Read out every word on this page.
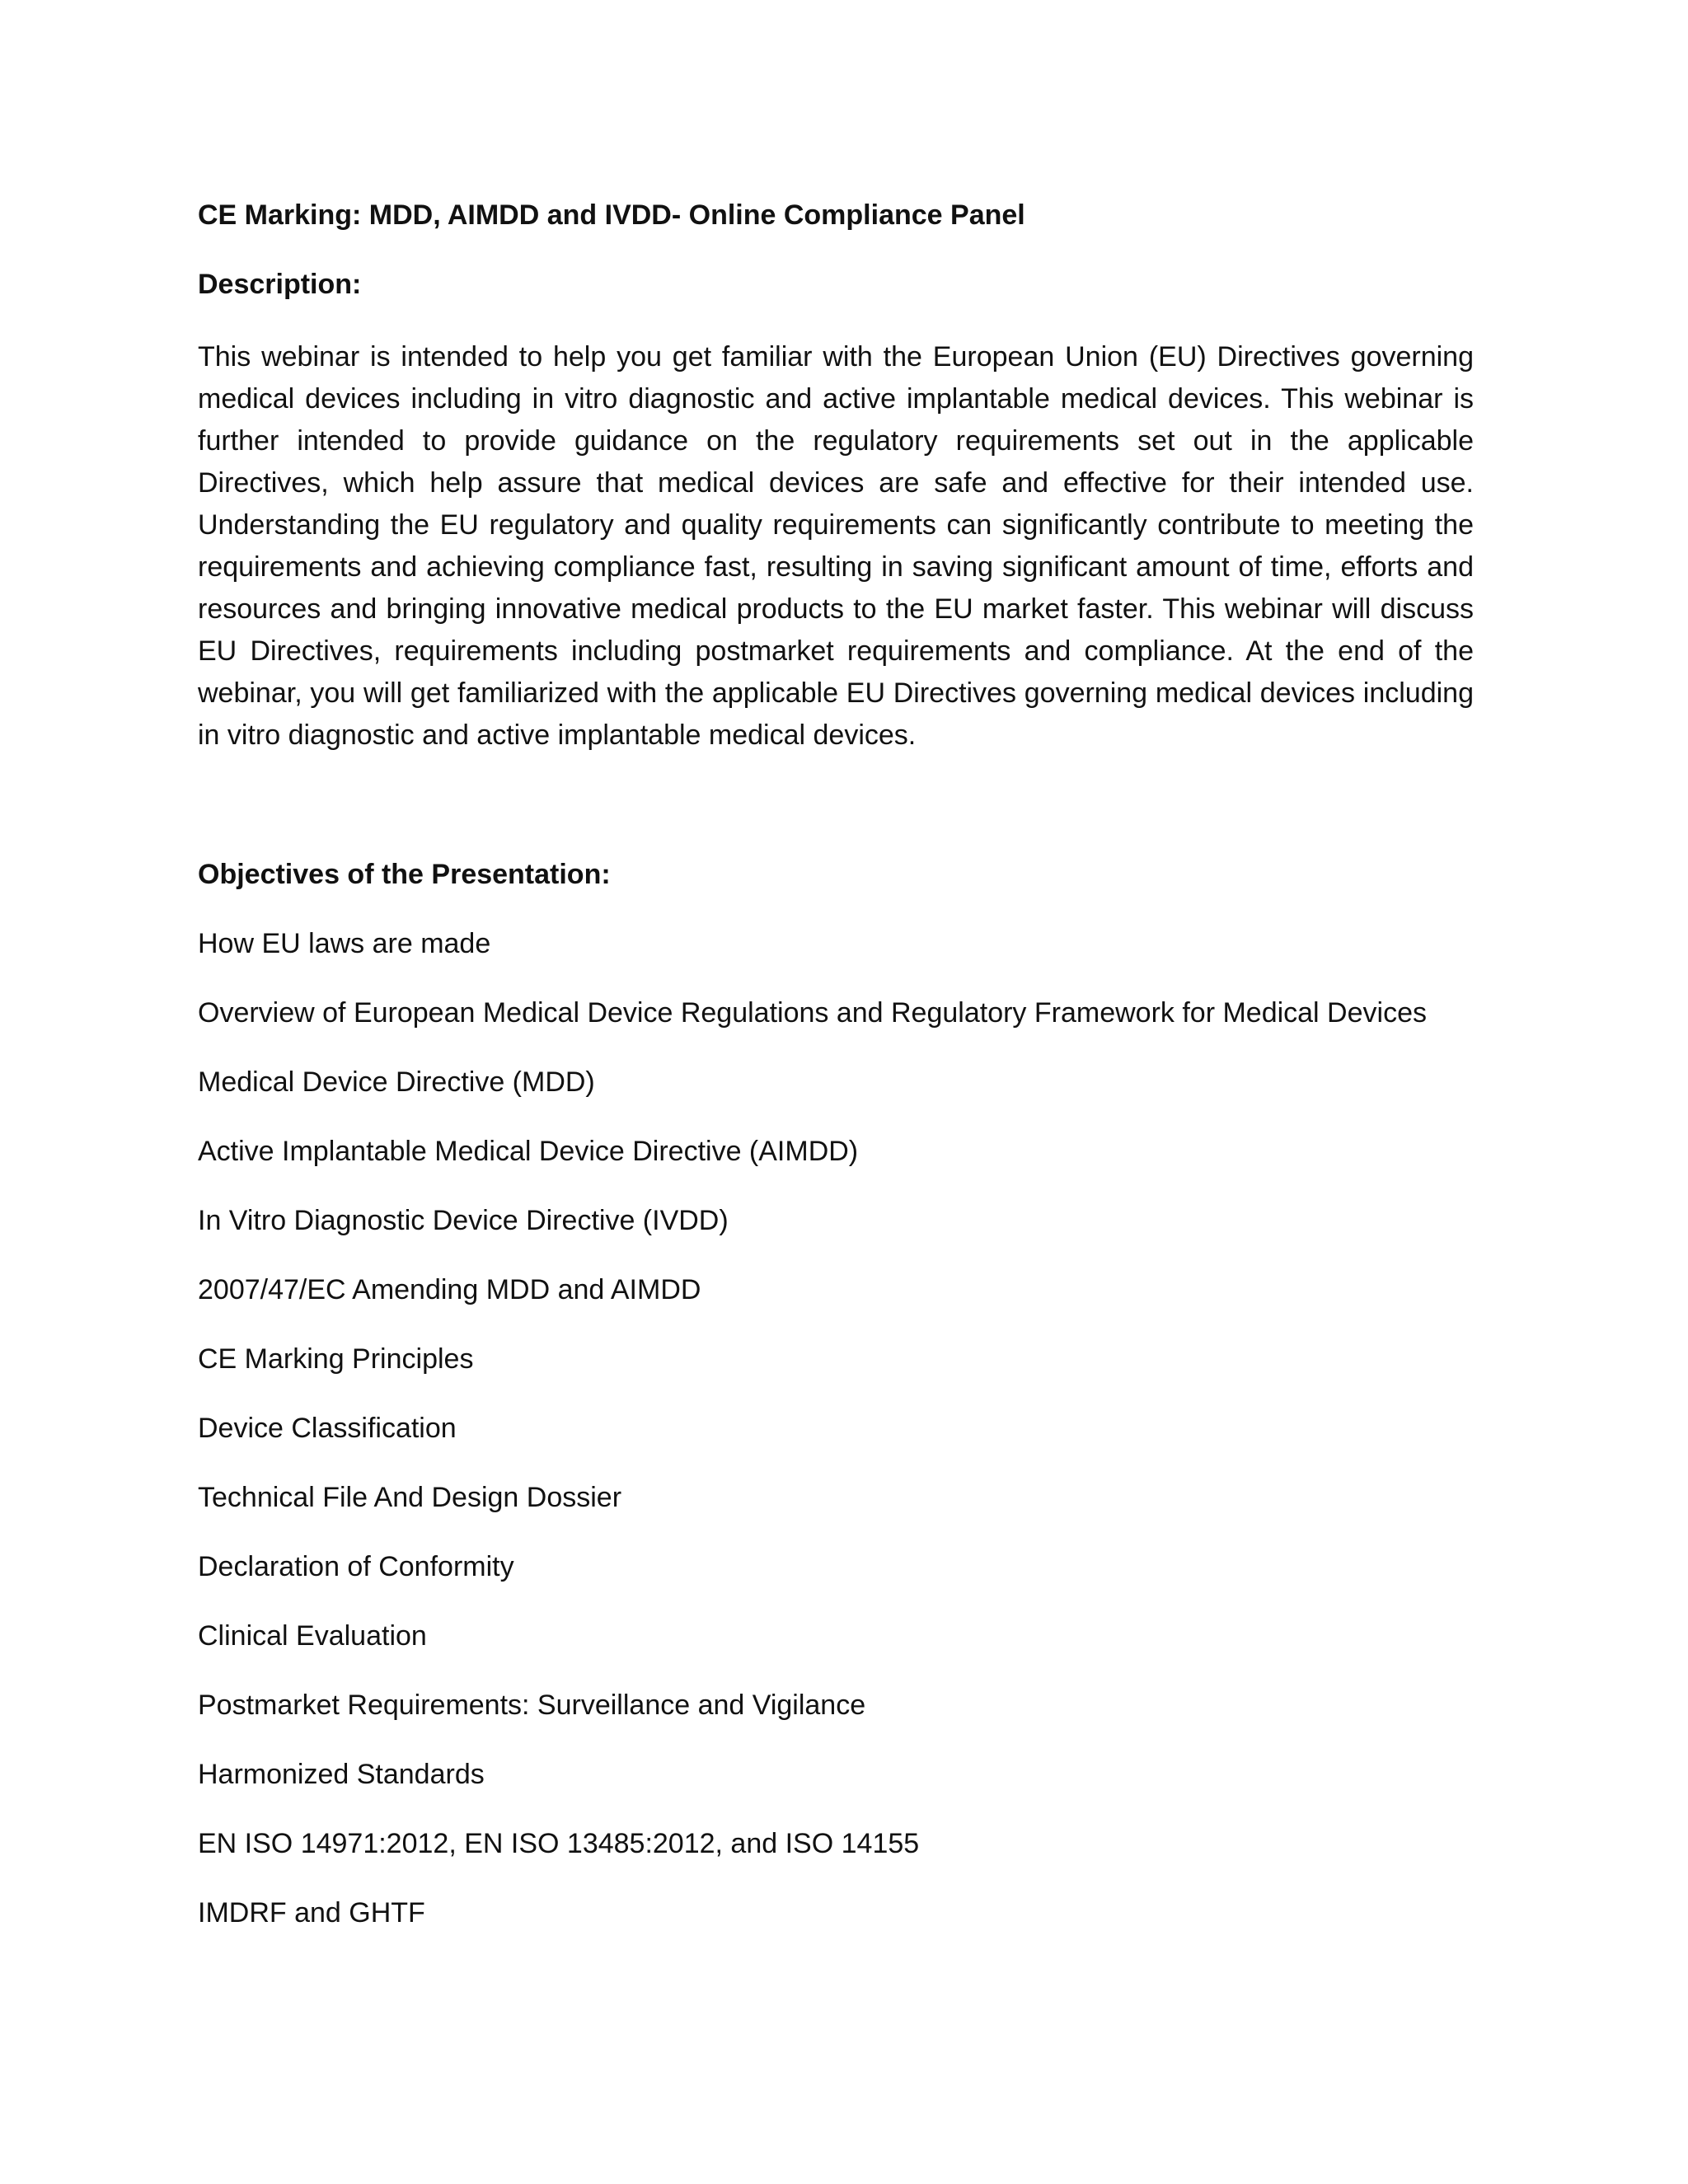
CE Marking: MDD, AIMDD and IVDD- Online Compliance Panel
Description:

This webinar is intended to help you get familiar with the European Union (EU) Directives governing medical devices including in vitro diagnostic and active implantable medical devices. This webinar is further intended to provide guidance on the regulatory requirements set out in the applicable Directives, which help assure that medical devices are safe and effective for their intended use. Understanding the EU regulatory and quality requirements can significantly contribute to meeting the requirements and achieving compliance fast, resulting in saving significant amount of time, efforts and resources and bringing innovative medical products to the EU market faster. This webinar will discuss EU Directives, requirements including postmarket requirements and compliance. At the end of the webinar, you will get familiarized with the applicable EU Directives governing medical devices including in vitro diagnostic and active implantable medical devices.

Objectives of the Presentation:
How EU laws are made
Overview of European Medical Device Regulations and Regulatory Framework for Medical Devices
Medical Device Directive (MDD)
Active Implantable Medical Device Directive (AIMDD)
In Vitro Diagnostic Device Directive (IVDD)
2007/47/EC Amending MDD and AIMDD
CE Marking Principles
Device Classification
Technical File And Design Dossier
Declaration of Conformity
Clinical Evaluation
Postmarket Requirements: Surveillance and Vigilance
Harmonized Standards
EN ISO 14971:2012, EN ISO 13485:2012, and ISO 14155
IMDRF and GHTF
